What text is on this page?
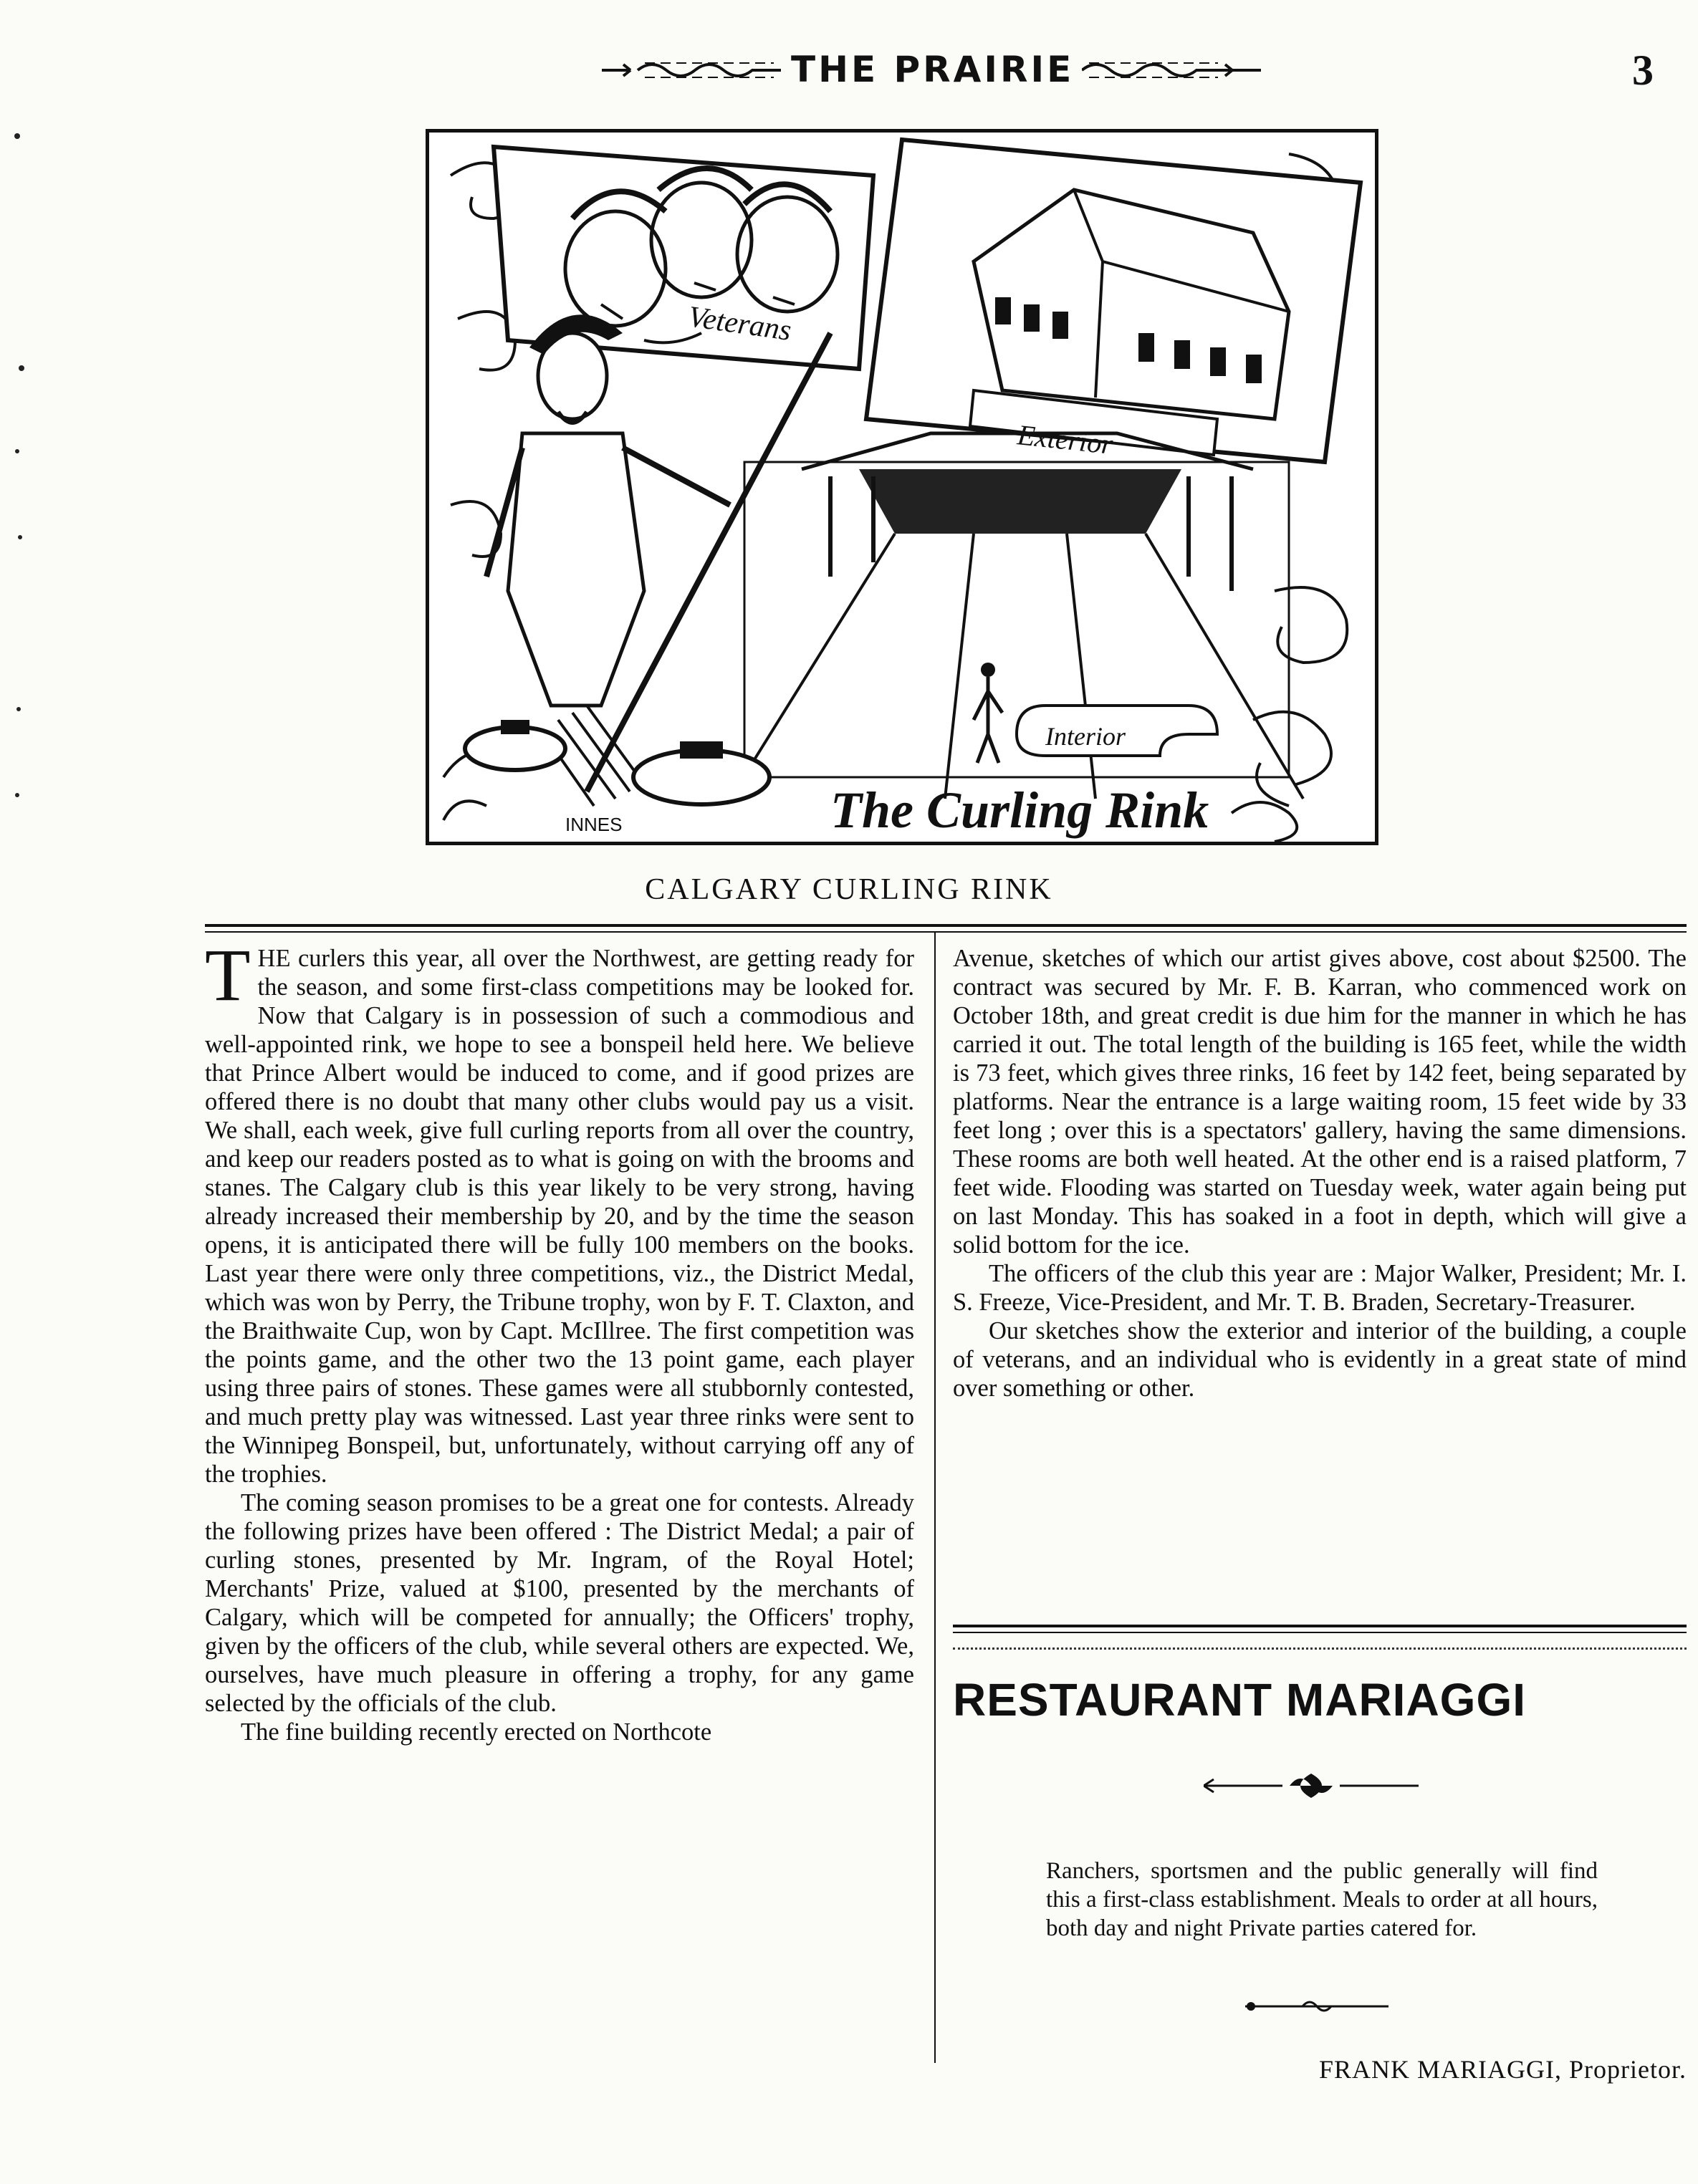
THE PRAIRIE	3
Veterans
Exterior
Interior
The Curling Rink
INNES
CALGARY CURLING RINK

THE curlers this year, all over the Northwest, are getting ready for the season, and some first-class competitions may be looked for. Now that Calgary is in possession of such a commodious and well-appointed rink, we hope to see a bonspeil held here. We believe that Prince Albert would be induced to come, and if good prizes are offered there is no doubt that many other clubs would pay us a visit. We shall, each week, give full curling reports from all over the country, and keep our readers posted as to what is going on with the brooms and stanes. The Calgary club is this year likely to be very strong, having already increased their membership by 20, and by the time the season opens, it is anticipated there will be fully 100 members on the books. Last year there were only three competitions, viz., the District Medal, which was won by Perry, the Tribune trophy, won by F. T. Claxton, and the Braithwaite Cup, won by Capt. McIllree. The first competition was the points game, and the other two the 13 point game, each player using three pairs of stones. These games were all stubbornly contested, and much pretty play was witnessed. Last year three rinks were sent to the Winnipeg Bonspeil, but, unfortunately, without carrying off any of the trophies.

The coming season promises to be a great one for contests. Already the following prizes have been offered : The District Medal; a pair of curling stones, presented by Mr. Ingram, of the Royal Hotel; Merchants' Prize, valued at $100, presented by the merchants of Calgary, which will be competed for annually; the Officers' trophy, given by the officers of the club, while several others are expected. We, ourselves, have much pleasure in offering a trophy, for any game selected by the officials of the club.

The fine building recently erected on Northcote

Avenue, sketches of which our artist gives above, cost about $2500. The contract was secured by Mr. F. B. Karran, who commenced work on October 18th, and great credit is due him for the manner in which he has carried it out. The total length of the building is 165 feet, while the width is 73 feet, which gives three rinks, 16 feet by 142 feet, being separated by platforms. Near the entrance is a large waiting room, 15 feet wide by 33 feet long ; over this is a spectators' gallery, having the same dimensions. These rooms are both well heated. At the other end is a raised platform, 7 feet wide. Flooding was started on Tuesday week, water again being put on last Monday. This has soaked in a foot in depth, which will give a solid bottom for the ice.

The officers of the club this year are : Major Walker, President; Mr. I. S. Freeze, Vice-President, and Mr. T. B. Braden, Secretary-Treasurer.

Our sketches show the exterior and interior of the building, a couple of veterans, and an individual who is evidently in a great state of mind over something or other.

RESTAURANT MARIAGGI
Ranchers, sportsmen and the public generally will find this a first-class establishment. Meals to order at all hours, both day and night Private parties catered for.
FRANK MARIAGGI, Proprietor.
